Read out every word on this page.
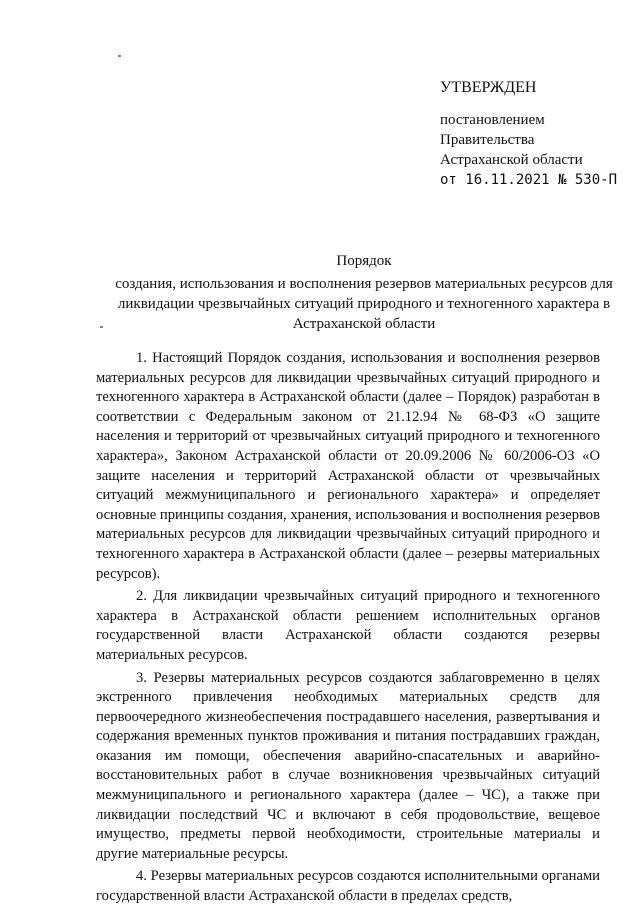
УТВЕРЖДЕН
постановлением
Правительства
Астраханской области
от 16.11.2021 № 530-П
Порядок
создания, использования и восполнения резервов материальных ресурсов для ликвидации чрезвычайных ситуаций природного и техногенного характера в Астраханской области

1. Настоящий Порядок создания, использования и восполнения резервов материальных ресурсов для ликвидации чрезвычайных ситуаций природного и техногенного характера в Астраханской области (далее – Порядок) разработан в соответствии с Федеральным законом от 21.12.94 № 68-ФЗ «О защите населения и территорий от чрезвычайных ситуаций природного и техногенного характера», Законом Астраханской области от 20.09.2006 № 60/2006-ОЗ «О защите населения и территорий Астраханской области от чрезвычайных ситуаций межмуниципального и регионального характера» и определяет основные принципы создания, хранения, использования и восполнения резервов материальных ресурсов для ликвидации чрезвычайных ситуаций природного и техногенного характера в Астраханской области (далее – резервы материальных ресурсов).

2. Для ликвидации чрезвычайных ситуаций природного и техногенного характера в Астраханской области решением исполнительных органов государственной власти Астраханской области создаются резервы материальных ресурсов.

3. Резервы материальных ресурсов создаются заблаговременно в целях экстренного привлечения необходимых материальных средств для первоочередного жизнеобеспечения пострадавшего населения, развертывания и содержания временных пунктов проживания и питания пострадавших граждан, оказания им помощи, обеспечения аварийно-спасательных и аварийно-восстановительных работ в случае возникновения чрезвычайных ситуаций межмуниципального и регионального характера (далее – ЧС), а также при ликвидации последствий ЧС и включают в себя продовольствие, вещевое имущество, предметы первой необходимости, строительные материалы и другие материальные ресурсы.

4. Резервы материальных ресурсов создаются исполнительными органами государственной власти Астраханской области в пределах средств,
